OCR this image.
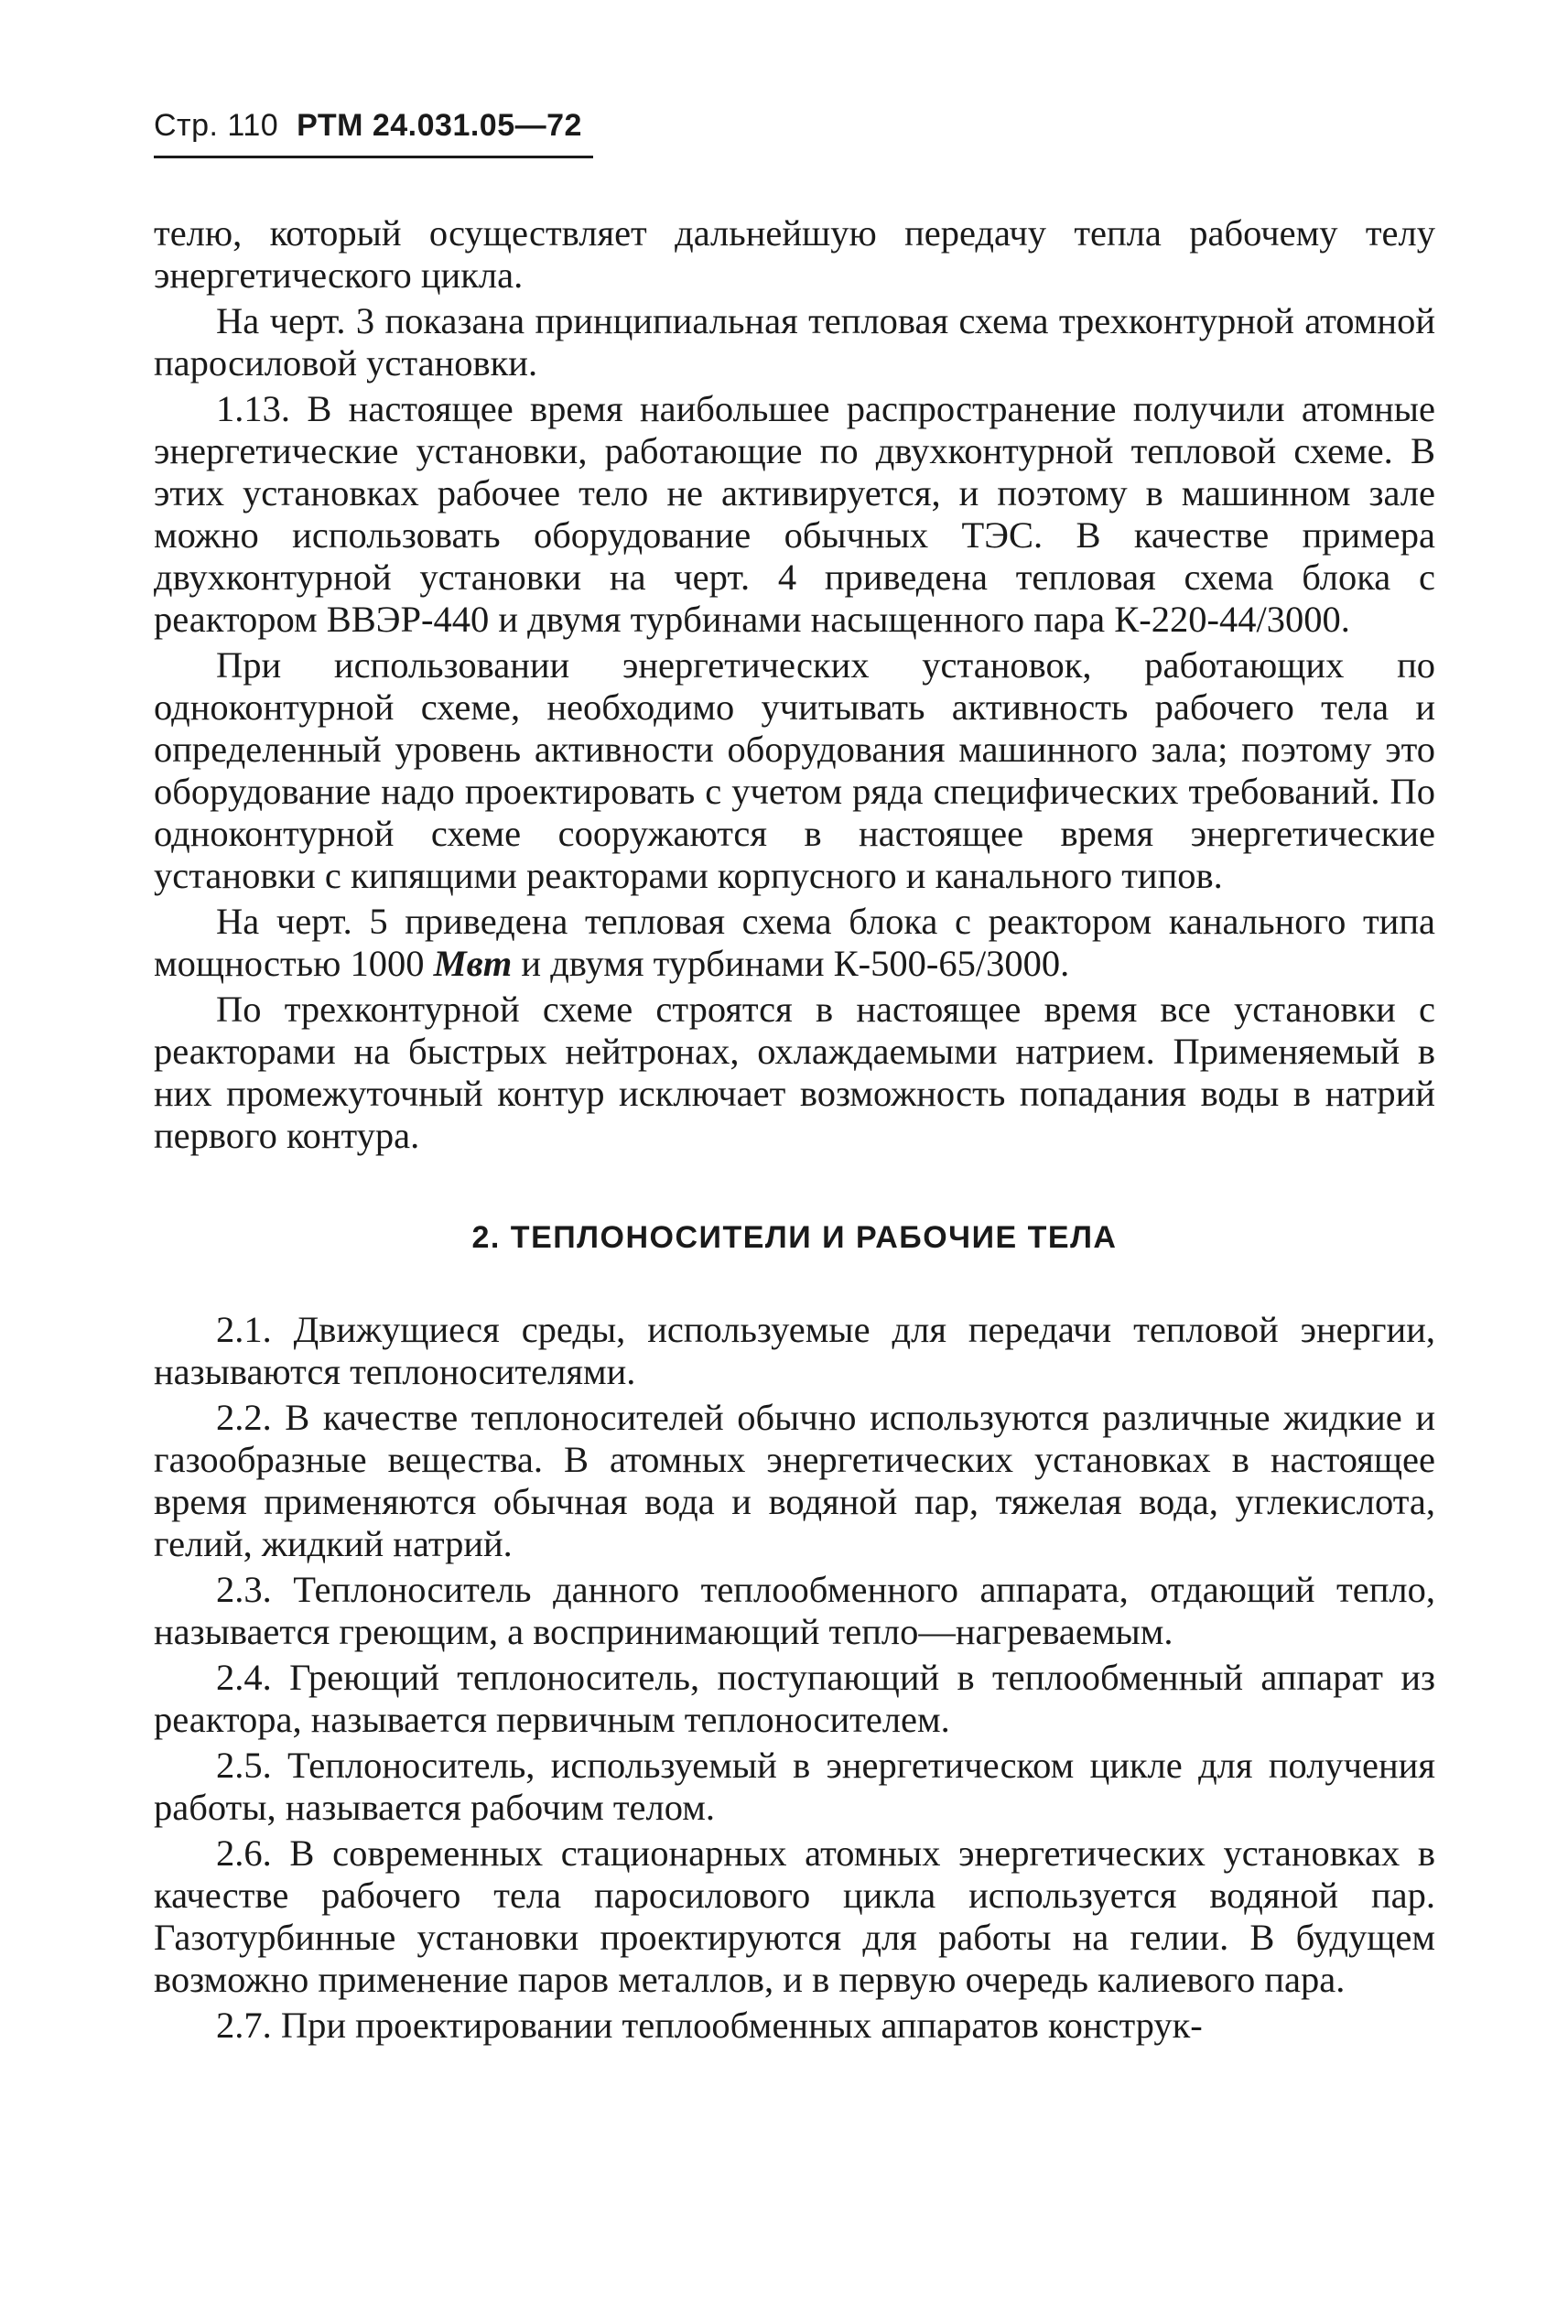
Стр. 110 РТМ 24.031.05—72

телю, который осуществляет дальнейшую передачу тепла рабочему телу энергетического цикла.

На черт. 3 показана принципиальная тепловая схема трехконтурной атомной паросиловой установки.

1.13. В настоящее время наибольшее распространение получили атомные энергетические установки, работающие по двухконтурной тепловой схеме. В этих установках рабочее тело не активируется, и поэтому в машинном зале можно использовать оборудование обычных ТЭС. В качестве примера двухконтурной установки на черт. 4 приведена тепловая схема блока с реактором ВВЭР-440 и двумя турбинами насыщенного пара К-220-44/3000.

При использовании энергетических установок, работающих по одноконтурной схеме, необходимо учитывать активность рабочего тела и определенный уровень активности оборудования машинного зала; поэтому это оборудование надо проектировать с учетом ряда специфических требований. По одноконтурной схеме сооружаются в настоящее время энергетические установки с кипящими реакторами корпусного и канального типов.

На черт. 5 приведена тепловая схема блока с реактором канального типа мощностью 1000 Мвт и двумя турбинами К-500-65/3000.

По трехконтурной схеме строятся в настоящее время все установки с реакторами на быстрых нейтронах, охлаждаемыми натрием. Применяемый в них промежуточный контур исключает возможность попадания воды в натрий первого контура.

2. ТЕПЛОНОСИТЕЛИ И РАБОЧИЕ ТЕЛА

2.1. Движущиеся среды, используемые для передачи тепловой энергии, называются теплоносителями.

2.2. В качестве теплоносителей обычно используются различные жидкие и газообразные вещества. В атомных энергетических установках в настоящее время применяются обычная вода и водяной пар, тяжелая вода, углекислота, гелий, жидкий натрий.

2.3. Теплоноситель данного теплообменного аппарата, отдающий тепло, называется греющим, а воспринимающий тепло—нагреваемым.

2.4. Греющий теплоноситель, поступающий в теплообменный аппарат из реактора, называется первичным теплоносителем.

2.5. Теплоноситель, используемый в энергетическом цикле для получения работы, называется рабочим телом.

2.6. В современных стационарных атомных энергетических установках в качестве рабочего тела паросилового цикла используется водяной пар. Газотурбинные установки проектируются для работы на гелии. В будущем возможно применение паров металлов, и в первую очередь калиевого пара.

2.7. При проектировании теплообменных аппаратов конструк-
